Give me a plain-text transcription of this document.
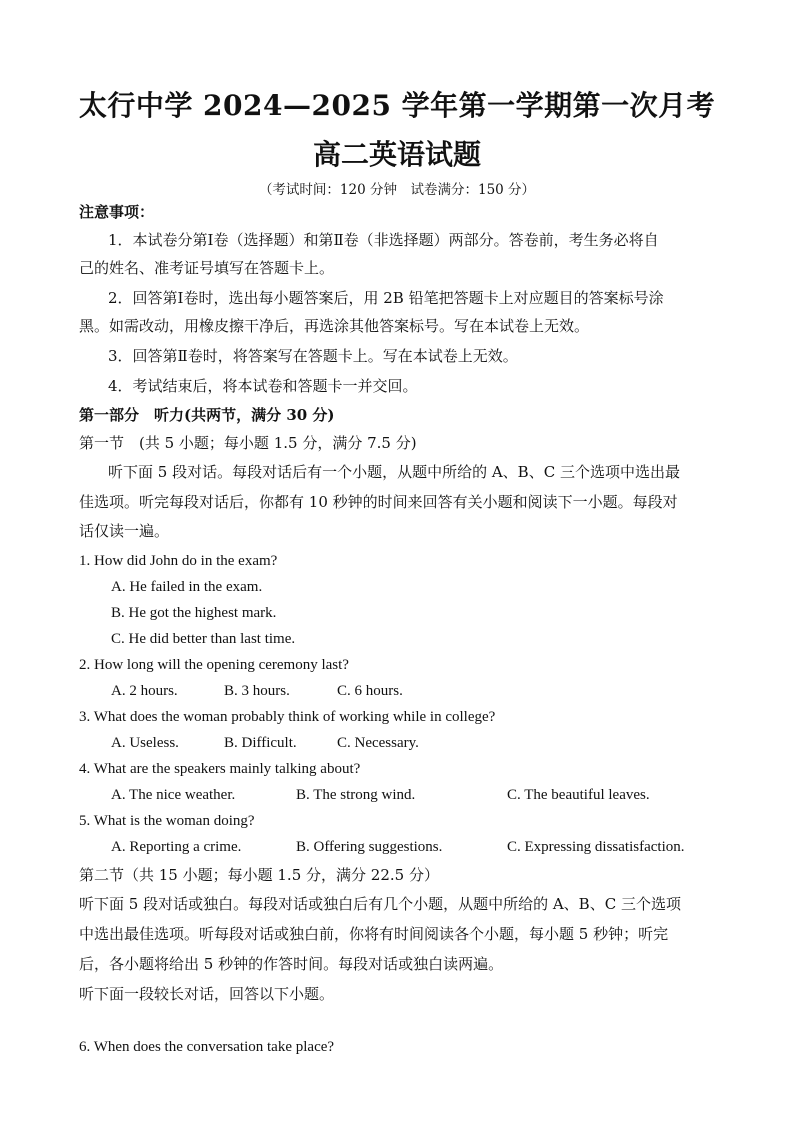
太行中学 2024—2025 学年第一学期第一次月考
高二英语试题
（考试时间：120 分钟　试卷满分：150 分）
注意事项：
1．本试卷分第Ⅰ卷（选择题）和第Ⅱ卷（非选择题）两部分。答卷前，考生务必将自
己的姓名、准考证号填写在答题卡上。
2．回答第Ⅰ卷时，选出每小题答案后，用 2B 铅笔把答题卡上对应题目的答案标号涂
黑。如需改动，用橡皮擦干净后，再选涂其他答案标号。写在本试卷上无效。
3．回答第Ⅱ卷时，将答案写在答题卡上。写在本试卷上无效。
4．考试结束后，将本试卷和答题卡一并交回。
第一部分　听力(共两节，满分 30 分)
第一节　(共 5 小题；每小题 1.5 分，满分 7.5 分)
听下面 5 段对话。每段对话后有一个小题，从题中所给的 A、B、C 三个选项中选出最
佳选项。听完每段对话后，你都有 10 秒钟的时间来回答有关小题和阅读下一小题。每段对
话仅读一遍。
1. How did John do in the exam?
A. He failed in the exam.
B. He got the highest mark.
C. He did better than last time.
2. How long will the opening ceremony last?
A. 2 hours.	B. 3 hours.	C. 6 hours.
3. What does the woman probably think of working while in college?
A. Useless.	B. Difficult.	C. Necessary.
4. What are the speakers mainly talking about?
A. The nice weather.	B. The strong wind.	C. The beautiful leaves.
5. What is the woman doing?
A. Reporting a crime.	B. Offering suggestions.	C. Expressing dissatisfaction.
第二节（共 15 小题；每小题 1.5 分，满分 22.5 分）
听下面 5 段对话或独白。每段对话或独白后有几个小题，从题中所给的 A、B、C 三个选项
中选出最佳选项。听每段对话或独白前，你将有时间阅读各个小题，每小题 5 秒钟；听完
后，各小题将给出 5 秒钟的作答时间。每段对话或独白读两遍。
听下面一段较长对话，回答以下小题。
6. When does the conversation take place?
